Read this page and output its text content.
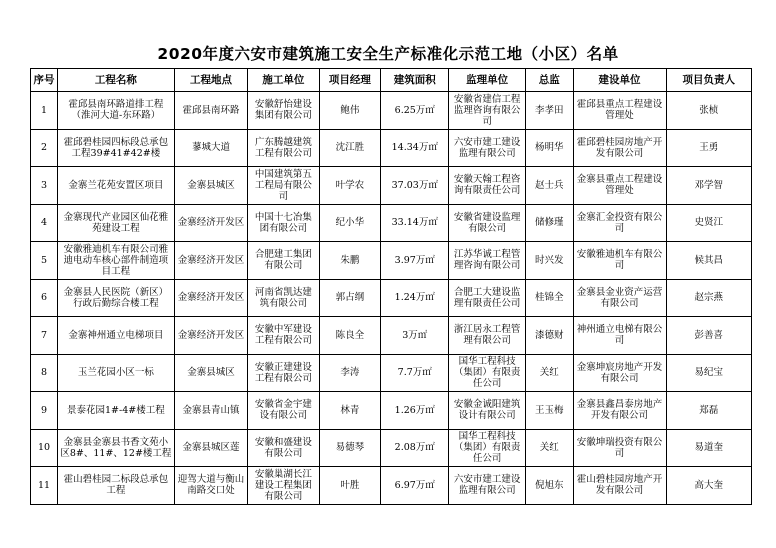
2020年度六安市建筑施工安全生产标准化示范工地（小区）名单
序号	工程名称	工程地点	施工单位	项目经理	建筑面积	监理单位	总监	建设单位	项目负责人
1	霍邱县南环路道排工程（淮河大道-东环路）	霍邱县南环路	安徽舒怡建设集团有限公司	鲍伟	6.25万㎡	安徽省建信工程监理咨询有限公司	李孝田	霍邱县重点工程建设管理处	张桢
2	霍邱碧桂园四标段总承包工程39#41#42#楼	蓼城大道	广东腾越建筑工程有限公司	沈江胜	14.34万㎡	六安市建工建设监理有限公司	杨明华	霍邱碧桂园房地产开发有限公司	王勇
3	金寨兰花苑安置区项目	金寨县城区	中国建筑第五工程局有限公司	叶学农	37.03万㎡	安徽天翰工程咨询有限责任公司	赵士兵	金寨县重点工程建设管理处	邓学智
4	金寨现代产业园区仙花雅苑建设工程	金寨经济开发区	中国十七冶集团有限公司	纪小华	33.14万㎡	安徽省建设监理有限公司	储修瑾	金寨汇金投资有限公司	史贤江
5	安徽雅迪机车有限公司雅迪电动车核心部件制造项目工程	金寨经济开发区	合肥建工集团有限公司	朱鹏	3.97万㎡	江苏华诚工程管理咨询有限公司	时兴发	安徽雅迪机车有限公司	候其昌
6	金寨县人民医院（新区）行政后勤综合楼工程	金寨经济开发区	河南省凯达建筑有限公司	郭占纲	1.24万㎡	合肥工大建设监理有限责任公司	桂锦全	金寨县金业资产运营有限公司	赵宗燕
7	金寨神州通立电梯项目	金寨经济开发区	安徽中军建设工程有限公司	陈良全	3万㎡	浙江居永工程管理有限公司	漆德财	神州通立电梯有限公司	彭善喜
8	玉兰花园小区一标	金寨县城区	安徽正建建设工程有限公司	李涛	7.7万㎡	国华工程科技（集团）有限责任公司	关红	金寨坤宸房地产开发有限公司	易纪宝
9	景泰花园1#-4#楼工程	金寨县青山镇	安徽省金宇建设有限公司	林青	1.26万㎡	安徽金诚阳建筑设计有限公司	王玉梅	金寨县鑫昌泰房地产开发有限公司	郑磊
10	金寨县金寨县书香文苑小区8#、11#、12#楼工程	金寨县城区莲	安徽和盛建设有限公司	易德琴	2.08万㎡	国华工程科技（集团）有限责任公司	关红	安徽坤瑞投资有限公司	易道奎
11	霍山碧桂园二标段总承包工程	迎驾大道与衡山南路交口处	安徽巢湖长江建设工程集团有限公司	叶胜	6.97万㎡	六安市建工建设监理有限公司	倪旭东	霍山碧桂园房地产开发有限公司	高大奎
